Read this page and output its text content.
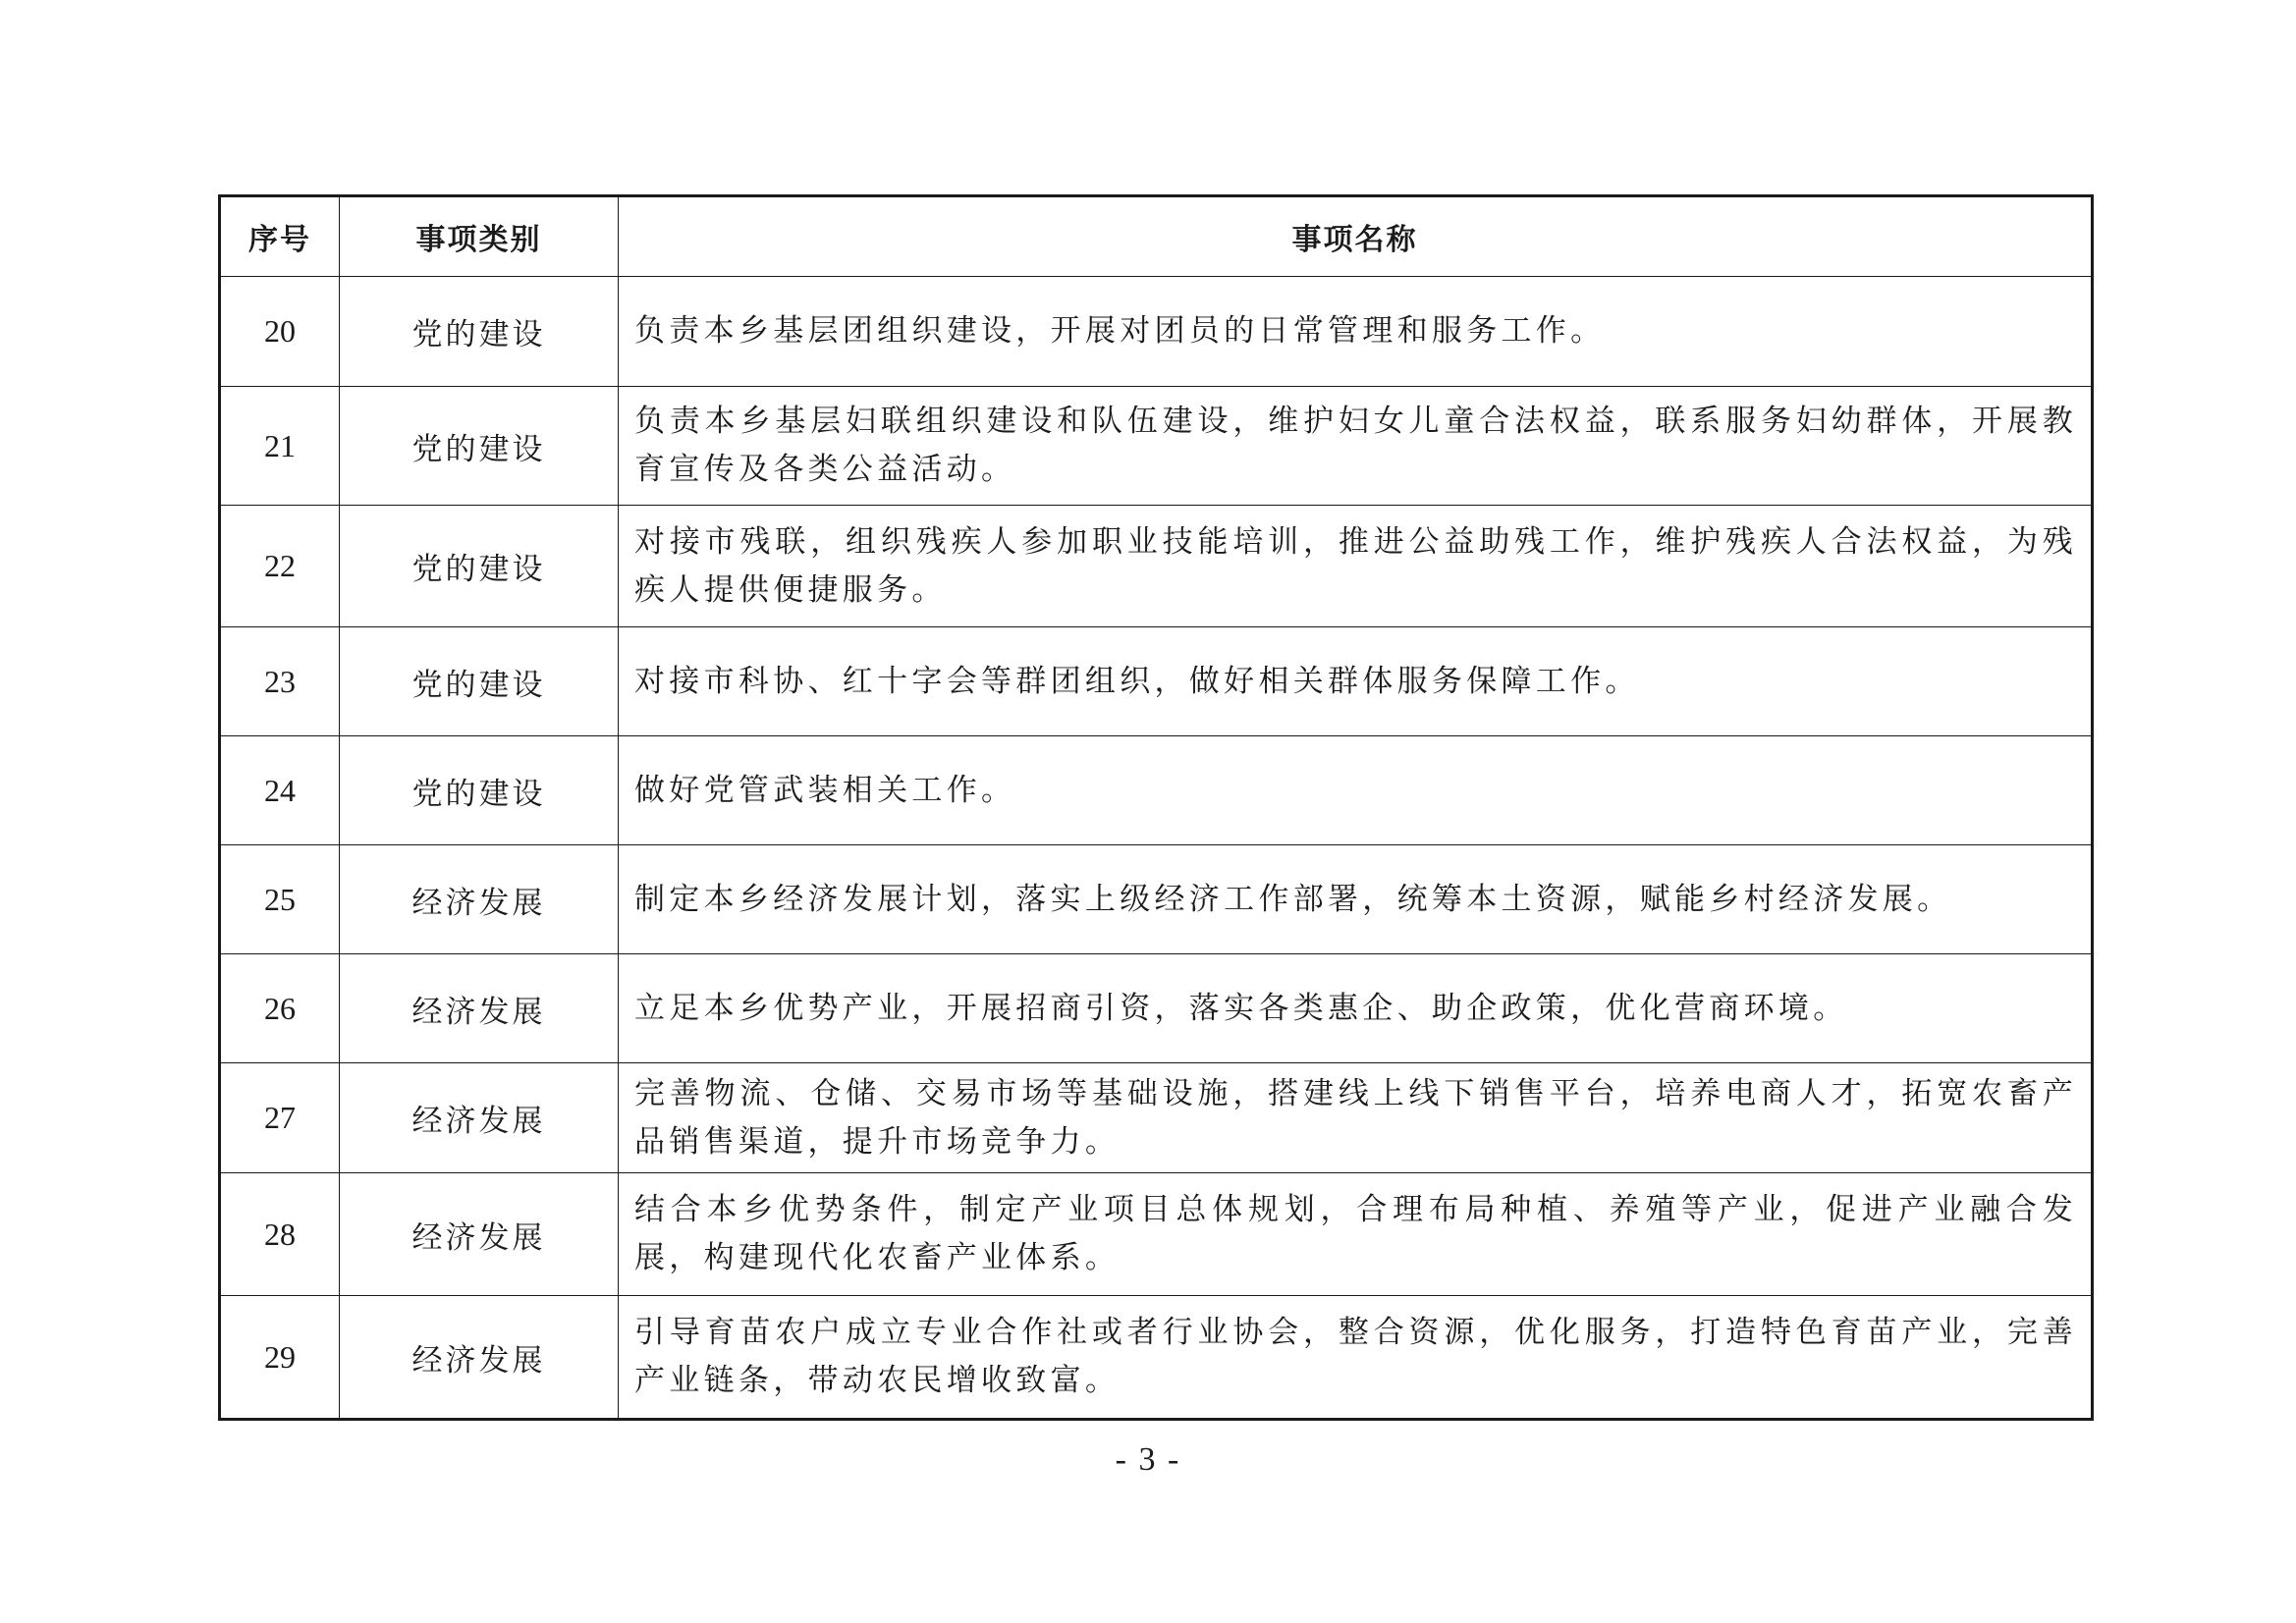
序号	事项类别	事项名称
20	党的建设	负责本乡基层团组织建设，开展对团员的日常管理和服务工作。
21	党的建设	负责本乡基层妇联组织建设和队伍建设，维护妇女儿童合法权益，联系服务妇幼群体，开展教育宣传及各类公益活动。
22	党的建设	对接市残联，组织残疾人参加职业技能培训，推进公益助残工作，维护残疾人合法权益，为残疾人提供便捷服务。
23	党的建设	对接市科协、红十字会等群团组织，做好相关群体服务保障工作。
24	党的建设	做好党管武装相关工作。
25	经济发展	制定本乡经济发展计划，落实上级经济工作部署，统筹本土资源，赋能乡村经济发展。
26	经济发展	立足本乡优势产业，开展招商引资，落实各类惠企、助企政策，优化营商环境。
27	经济发展	完善物流、仓储、交易市场等基础设施，搭建线上线下销售平台，培养电商人才，拓宽农畜产品销售渠道，提升市场竞争力。
28	经济发展	结合本乡优势条件，制定产业项目总体规划，合理布局种植、养殖等产业，促进产业融合发展，构建现代化农畜产业体系。
29	经济发展	引导育苗农户成立专业合作社或者行业协会，整合资源，优化服务，打造特色育苗产业，完善产业链条，带动农民增收致富。
- 3 -
